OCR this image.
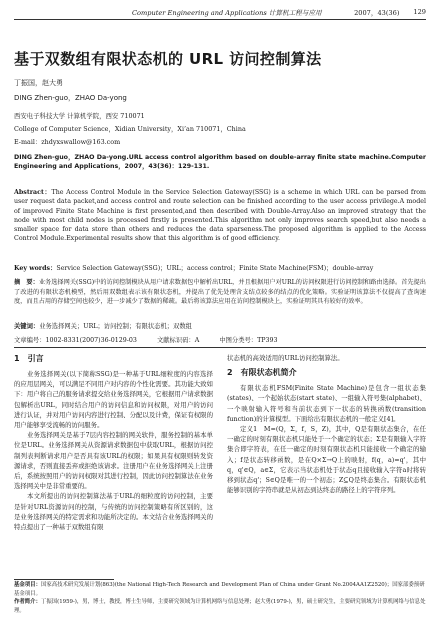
Computer Engineering and Applications 计算机工程与应用	2007，43(36) 129
基于双数组有限状态机的 URL 访问控制算法
丁振国，赵大勇
DING Zhen-guo，ZHAO Da-yong
西安电子科技大学 计算机学院，西安 710071
College of Computer Science，Xidian University，Xi’an 710071，China
E-mail：zhdyxswallow@163.com

DING Zhen-guo，ZHAO Da-yong.URL access control algorithm based on double-array finite state machine.Computer Engineering and Applications，2007，43(36)：129-131.

Abstract：The Access Control Module in the Service Selection Gateway(SSG) is a scheme in which URL can be parsed from user request data packet,and access control and route selection can be finished according to the user access privilege.A model of improved Finite State Machine is first presented,and then described with Double-Array.Also an improved strategy that the node with most child nodes is processed firstly is presented.This algorithm not only improves search speed,but also needs a smaller space for data store than others and reduces the data sparseness.The proposed algorithm is applied to the Access Control Module.Experimental results show that this algorithm is of good efficiency.

Key words：Service Selection Gateway(SSG)；URL；access control；Finite State Machine(FSM)；double-array

摘　要：业务选择网关(SSG)中的访问控制模块从用户请求数据包中解析出URL，并且根据用户对URL的访问权限进行访问控制和路由选择。首先提出了改进的有限状态机模型，然后用双数组表示该有限状态机，并提出了优先处理含支结点较多的结点的优化策略。实验证明该算法不仅提高了查询速度，而且占用的存储空间也较少，进一步减少了数据的稀疏。最后将该算法应用在访问控制模块上，实验证明其具有较好的效率。

关键词：业务选择网关；URL；访问控制；有限状态机；双数组

文章编号：1002-8331(2007)36-0129-03	文献标识码：A	中图分类号：TP393
1　引言

业务选择网关(以下简称SSG)是一种基于URL细粒度的内容选择的应用层网关，可以满足不同用户对内容的个性化需要。其功能大致如下：用户将自己的服务请求提交给业务选择网关，它根据用户请求数据包解析出URL，同时结合用户的访问信息和访问权限，对用户的访问进行认证，并对用户访问内容进行控制、分配以及计费，保证有权限的用户能够享受流畅的访问服务。

业务选择网关是基于7层内容控制的网关软件，服务控制的基本单位是URL。业务选择网关从资源请求数据包中获取URL，根据访问控制列表判断请求用户是否具有该URL的权限；如果具有权限则转发资源请求，否则直接丢弃或拒绝该请求。注册用户在业务选择网关上注册后，系统按照用户的访问权限对其进行控制，因此访问控制算法在业务选择网关中是非常重要的。

本文所提出的访问控制算法基于URL的细粒度的访问控制，主要是针对URL资源访问的控制，与传统的访问控制策略有所区别的，这是业务选择网关的特定需求和功能所决定的。本文结合业务选择网关的特点提出了一种基于双数组有限

状态机的高效适用的URL访问控制算法。

2　有限状态机简介

有限状态机FSM(Finite State Machine)是包含一组状态集(states)、一个起始状态(start state)、一组输入符号集(alphabet)、一个映射输入符号和当前状态到下一状态的转换函数(transition function)的计算模型。下面给出有限状态机的一般定义[4]。

定义1　M=(Q，Σ，f，S，Z)，其中，Q是有限状态集合，在任一确定的时刻有限状态机只能处于一个确定的状态；Σ是有限输入字符集合即字符表，在任一确定的时刻有限状态机只能接收一个确定的输入；f是状态转移函数，是在Q×Σ→Q上的映射，f(q，a)=q'，其中q，q'∈Q，a∈Σ，它表示当状态机处于状态q且接收输入字符a时将转移到状态q'；S∈Q是唯一的一个初态；Z⊆Q是终态集合。有限状态机能够识别的字符串就是从初态到达终态的路径上的字符序列。

基金项目：国家高技术研究发展计划(863)(the National High-Tech Research and Development Plan of China under Grant No.2004AA1Z2520)；国家部委预研基金项目。

作者简介：丁振国(1959-)，男，博士，教授，博士生导师，主要研究领域为计算机网络与信息处理；赵大勇(1979-)，男，硕士研究生，主要研究领域为计算机网络与信息处理。
